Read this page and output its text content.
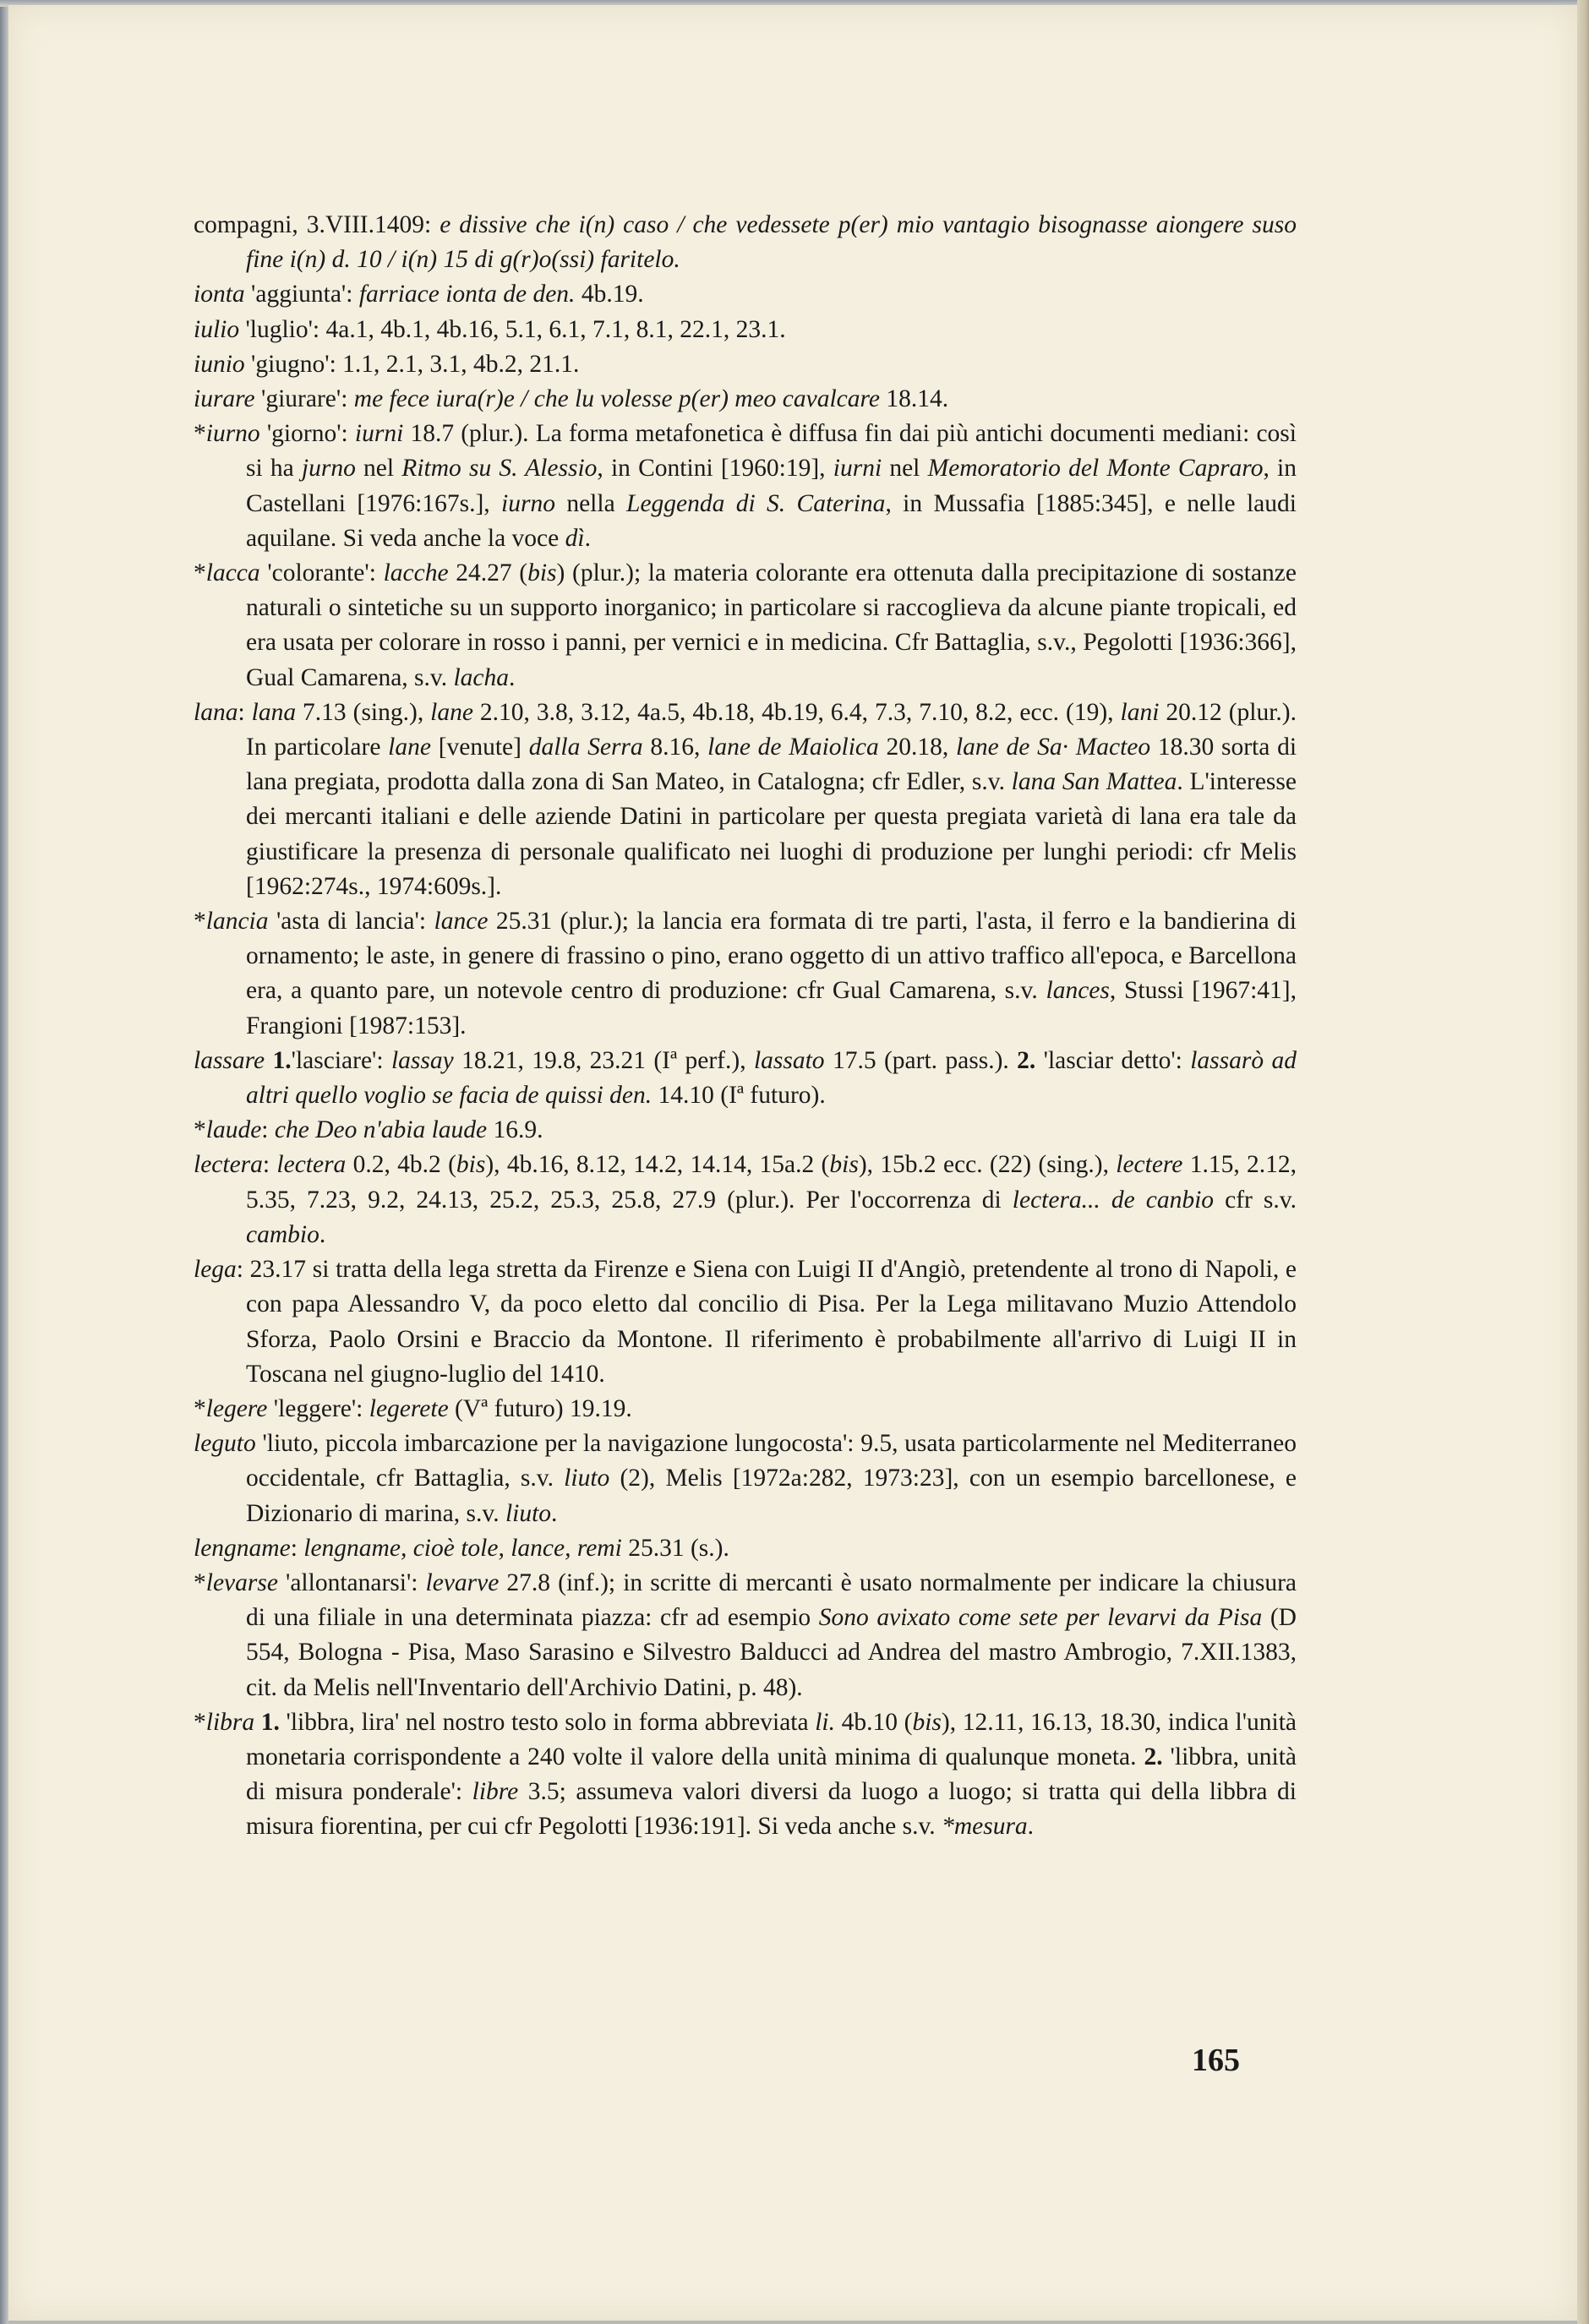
compagni, 3.VIII.1409: e dissive che i(n) caso / che vedessete p(er) mio vantagio bisognasse aiongere suso fine i(n) d. 10 / i(n) 15 di g(r)o(ssi) faritelo.

ionta 'aggiunta': farriace ionta de den. 4b.19.

iulio 'luglio': 4a.1, 4b.1, 4b.16, 5.1, 6.1, 7.1, 8.1, 22.1, 23.1.

iunio 'giugno': 1.1, 2.1, 3.1, 4b.2, 21.1.

iurare 'giurare': me fece iura(r)e / che lu volesse p(er) meo cavalcare 18.14.

*iurno 'giorno': iurni 18.7 (plur.). La forma metafonetica è diffusa fin dai più antichi documenti mediani: così si ha jurno nel Ritmo su S. Alessio, in Contini [1960:19], iurni nel Memoratorio del Monte Capraro, in Castellani [1976:167s.], iurno nella Leggenda di S. Caterina, in Mussafia [1885:345], e nelle laudi aquilane. Si veda anche la voce dì.

*lacca 'colorante': lacche 24.27 (bis) (plur.); la materia colorante era ottenuta dalla precipitazione di sostanze naturali o sintetiche su un supporto inorganico; in particolare si raccoglieva da alcune piante tropicali, ed era usata per colorare in rosso i panni, per vernici e in medicina. Cfr Battaglia, s.v., Pegolotti [1936:366], Gual Camarena, s.v. lacha.

lana: lana 7.13 (sing.), lane 2.10, 3.8, 3.12, 4a.5, 4b.18, 4b.19, 6.4, 7.3, 7.10, 8.2, ecc. (19), lani 20.12 (plur.). In particolare lane [venute] dalla Serra 8.16, lane de Maiolica 20.18, lane de Sa· Macteo 18.30 sorta di lana pregiata, prodotta dalla zona di San Mateo, in Catalogna; cfr Edler, s.v. lana San Mattea. L'interesse dei mercanti italiani e delle aziende Datini in particolare per questa pregiata varietà di lana era tale da giustificare la presenza di personale qualificato nei luoghi di produzione per lunghi periodi: cfr Melis [1962:274s., 1974:609s.].

*lancia 'asta di lancia': lance 25.31 (plur.); la lancia era formata di tre parti, l'asta, il ferro e la bandierina di ornamento; le aste, in genere di frassino o pino, erano oggetto di un attivo traffico all'epoca, e Barcellona era, a quanto pare, un notevole centro di produzione: cfr Gual Camarena, s.v. lances, Stussi [1967:41], Frangioni [1987:153].

lassare 1.'lasciare': lassay 18.21, 19.8, 23.21 (Iª perf.), lassato 17.5 (part. pass.). 2. 'lasciar detto': lassarò ad altri quello voglio se facia de quissi den. 14.10 (Iª futuro).

*laude: che Deo n'abia laude 16.9.

lectera: lectera 0.2, 4b.2 (bis), 4b.16, 8.12, 14.2, 14.14, 15a.2 (bis), 15b.2 ecc. (22) (sing.), lectere 1.15, 2.12, 5.35, 7.23, 9.2, 24.13, 25.2, 25.3, 25.8, 27.9 (plur.). Per l'occorrenza di lectera... de canbio cfr s.v. cambio.

lega: 23.17 si tratta della lega stretta da Firenze e Siena con Luigi II d'Angiò, pretendente al trono di Napoli, e con papa Alessandro V, da poco eletto dal concilio di Pisa. Per la Lega militavano Muzio Attendolo Sforza, Paolo Orsini e Braccio da Montone. Il riferimento è probabilmente all'arrivo di Luigi II in Toscana nel giugno-luglio del 1410.

*legere 'leggere': legerete (Vª futuro) 19.19.

leguto 'liuto, piccola imbarcazione per la navigazione lungocosta': 9.5, usata particolarmente nel Mediterraneo occidentale, cfr Battaglia, s.v. liuto (2), Melis [1972a:282, 1973:23], con un esempio barcellonese, e Dizionario di marina, s.v. liuto.

lengname: lengname, cioè tole, lance, remi 25.31 (s.).

*levarse 'allontanarsi': levarve 27.8 (inf.); in scritte di mercanti è usato normalmente per indicare la chiusura di una filiale in una determinata piazza: cfr ad esempio Sono avixato come sete per levarvi da Pisa (D 554, Bologna - Pisa, Maso Sarasino e Silvestro Balducci ad Andrea del mastro Ambrogio, 7.XII.1383, cit. da Melis nell'Inventario dell'Archivio Datini, p. 48).

*libra 1. 'libbra, lira' nel nostro testo solo in forma abbreviata li. 4b.10 (bis), 12.11, 16.13, 18.30, indica l'unità monetaria corrispondente a 240 volte il valore della unità minima di qualunque moneta. 2. 'libbra, unità di misura ponderale': libre 3.5; assumeva valori diversi da luogo a luogo; si tratta qui della libbra di misura fiorentina, per cui cfr Pegolotti [1936:191]. Si veda anche s.v. *mesura.

165
